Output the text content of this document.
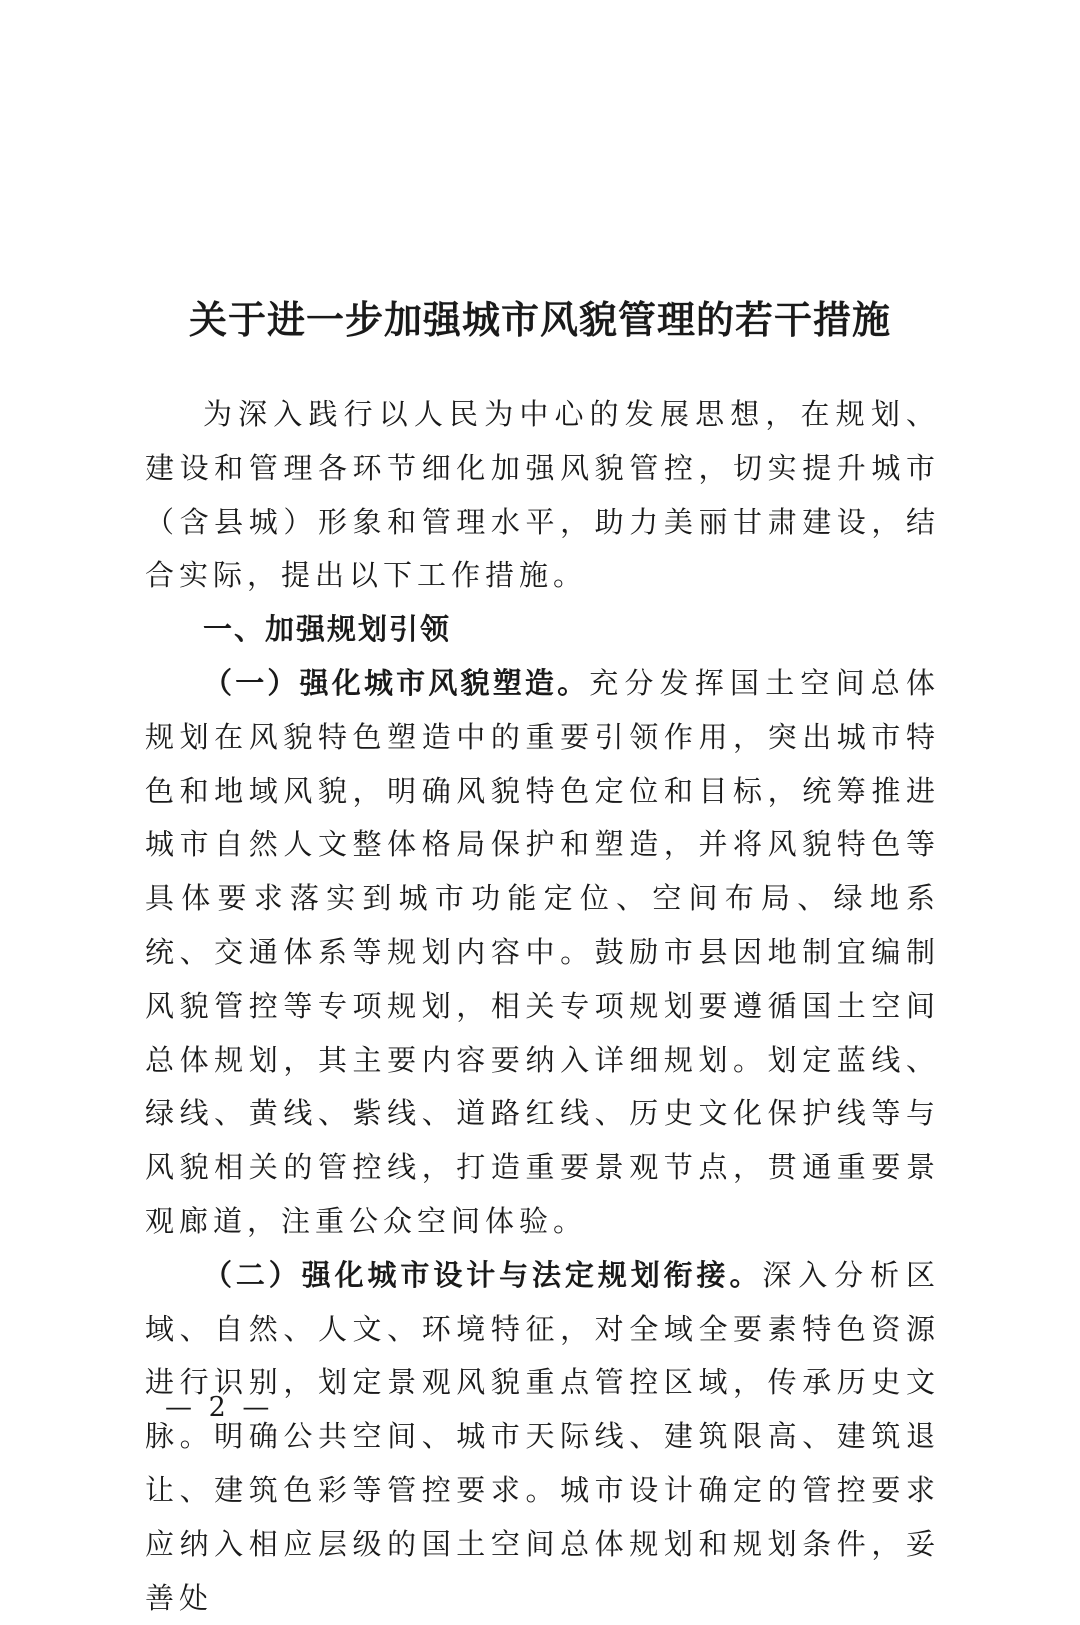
关于进一步加强城市风貌管理的若干措施

为深入践行以人民为中心的发展思想，在规划、建设和管理各环节细化加强风貌管控，切实提升城市（含县城）形象和管理水平，助力美丽甘肃建设，结合实际，提出以下工作措施。

一、加强规划引领

（一）强化城市风貌塑造。充分发挥国土空间总体规划在风貌特色塑造中的重要引领作用，突出城市特色和地域风貌，明确风貌特色定位和目标，统筹推进城市自然人文整体格局保护和塑造，并将风貌特色等具体要求落实到城市功能定位、空间布局、绿地系统、交通体系等规划内容中。鼓励市县因地制宜编制风貌管控等专项规划，相关专项规划要遵循国土空间总体规划，其主要内容要纳入详细规划。划定蓝线、绿线、黄线、紫线、道路红线、历史文化保护线等与风貌相关的管控线，打造重要景观节点，贯通重要景观廊道，注重公众空间体验。

（二）强化城市设计与法定规划衔接。深入分析区域、自然、人文、环境特征，对全域全要素特色资源进行识别，划定景观风貌重点管控区域，传承历史文脉。明确公共空间、城市天际线、建筑限高、建筑退让、建筑色彩等管控要求。城市设计确定的管控要求应纳入相应层级的国土空间总体规划和规划条件，妥善处

— 2 —
